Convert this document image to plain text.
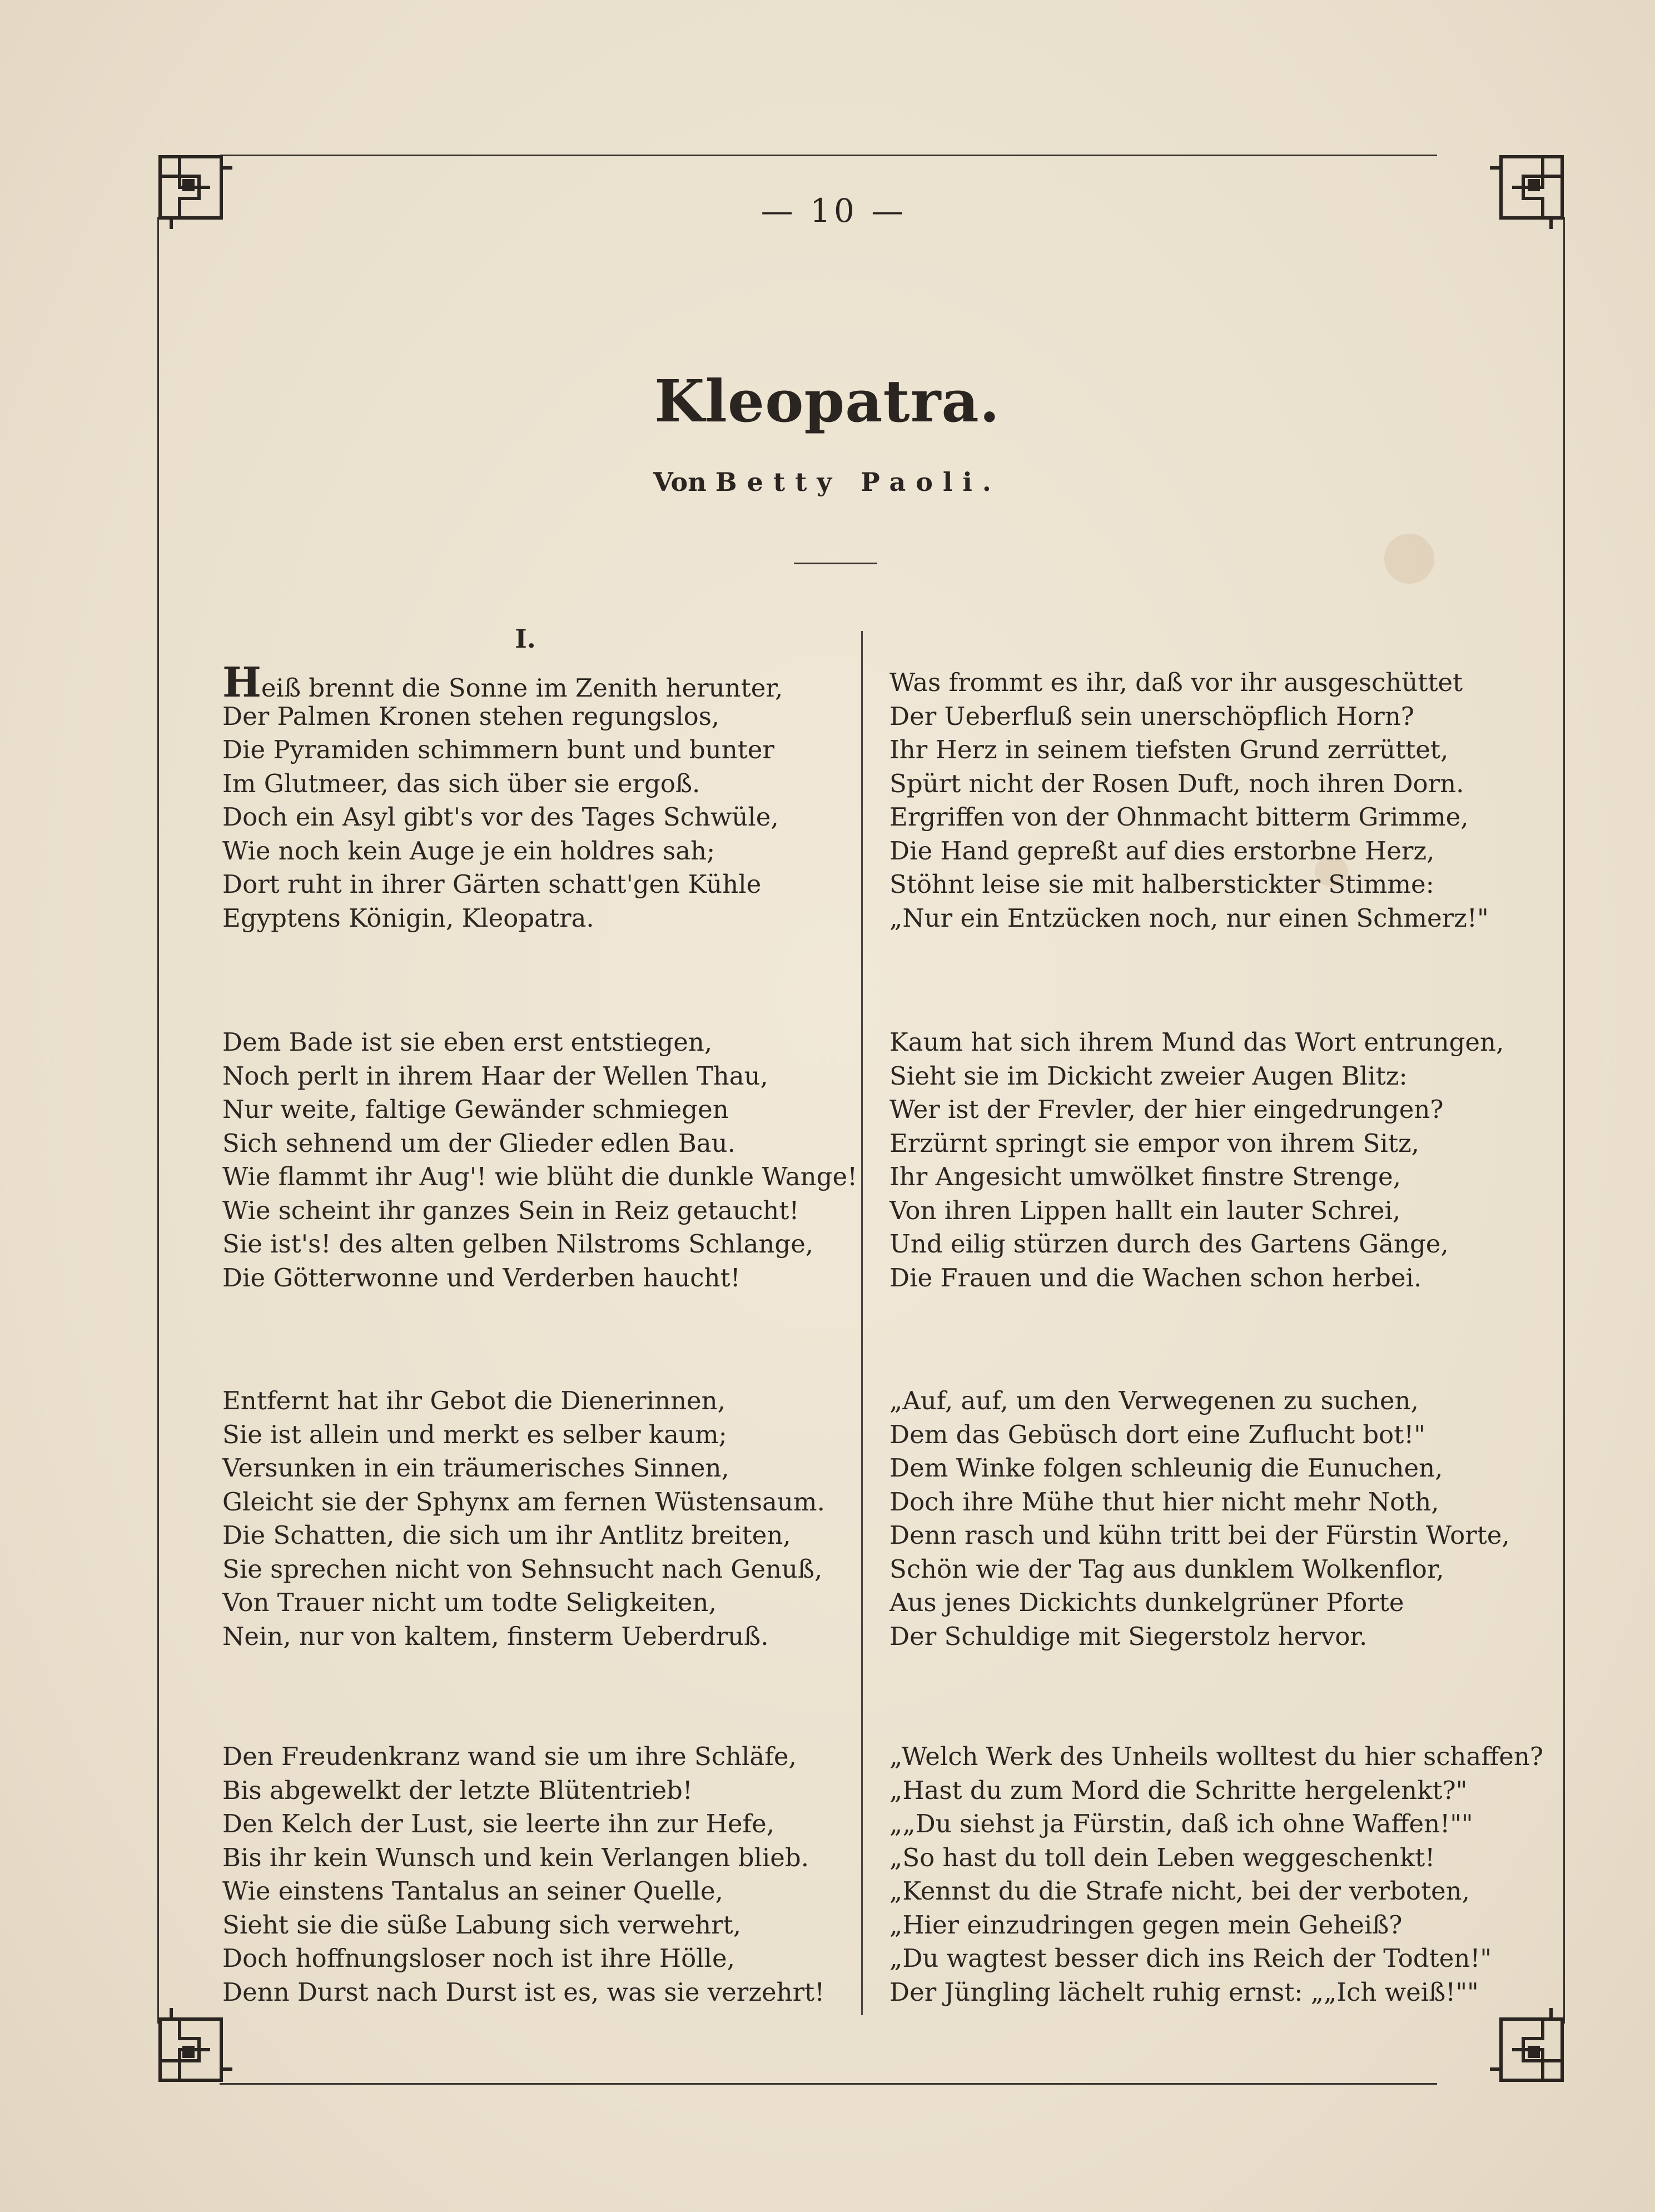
— 10 —
Kleopatra.
Von Betty Paoli.
I.
Heiß brennt die Sonne im Zenith herunter,
Der Palmen Kronen stehen regungslos,
Die Pyramiden schimmern bunt und bunter
Im Glutmeer, das sich über sie ergoß.
Doch ein Asyl gibt's vor des Tages Schwüle,
Wie noch kein Auge je ein holdres sah;
Dort ruht in ihrer Gärten schatt'gen Kühle
Egyptens Königin, Kleopatra.
Dem Bade ist sie eben erst entstiegen,
Noch perlt in ihrem Haar der Wellen Thau,
Nur weite, faltige Gewänder schmiegen
Sich sehnend um der Glieder edlen Bau.
Wie flammt ihr Aug'! wie blüht die dunkle Wange!
Wie scheint ihr ganzes Sein in Reiz getaucht!
Sie ist's! des alten gelben Nilstroms Schlange,
Die Götterwonne und Verderben haucht!
Entfernt hat ihr Gebot die Dienerinnen,
Sie ist allein und merkt es selber kaum;
Versunken in ein träumerisches Sinnen,
Gleicht sie der Sphynx am fernen Wüstensaum.
Die Schatten, die sich um ihr Antlitz breiten,
Sie sprechen nicht von Sehnsucht nach Genuß,
Von Trauer nicht um todte Seligkeiten,
Nein, nur von kaltem, finsterm Ueberdruß.
Den Freudenkranz wand sie um ihre Schläfe,
Bis abgewelkt der letzte Blütentrieb!
Den Kelch der Lust, sie leerte ihn zur Hefe,
Bis ihr kein Wunsch und kein Verlangen blieb.
Wie einstens Tantalus an seiner Quelle,
Sieht sie die süße Labung sich verwehrt,
Doch hoffnungsloser noch ist ihre Hölle,
Denn Durst nach Durst ist es, was sie verzehrt!
Was frommt es ihr, daß vor ihr ausgeschüttet
Der Ueberfluß sein unerschöpflich Horn?
Ihr Herz in seinem tiefsten Grund zerrüttet,
Spürt nicht der Rosen Duft, noch ihren Dorn.
Ergriffen von der Ohnmacht bitterm Grimme,
Die Hand gepreßt auf dies erstorbne Herz,
Stöhnt leise sie mit halberstickter Stimme:
„Nur ein Entzücken noch, nur einen Schmerz!"
Kaum hat sich ihrem Mund das Wort entrungen,
Sieht sie im Dickicht zweier Augen Blitz:
Wer ist der Frevler, der hier eingedrungen?
Erzürnt springt sie empor von ihrem Sitz,
Ihr Angesicht umwölket finstre Strenge,
Von ihren Lippen hallt ein lauter Schrei,
Und eilig stürzen durch des Gartens Gänge,
Die Frauen und die Wachen schon herbei.
„Auf, auf, um den Verwegenen zu suchen,
Dem das Gebüsch dort eine Zuflucht bot!"
Dem Winke folgen schleunig die Eunuchen,
Doch ihre Mühe thut hier nicht mehr Noth,
Denn rasch und kühn tritt bei der Fürstin Worte,
Schön wie der Tag aus dunklem Wolkenflor,
Aus jenes Dickichts dunkelgrüner Pforte
Der Schuldige mit Siegerstolz hervor.
„Welch Werk des Unheils wolltest du hier schaffen?
„Hast du zum Mord die Schritte hergelenkt?"
„„Du siehst ja Fürstin, daß ich ohne Waffen!""
„So hast du toll dein Leben weggeschenkt!
„Kennst du die Strafe nicht, bei der verboten,
„Hier einzudringen gegen mein Geheiß?
„Du wagtest besser dich ins Reich der Todten!"
Der Jüngling lächelt ruhig ernst: „„Ich weiß!""
